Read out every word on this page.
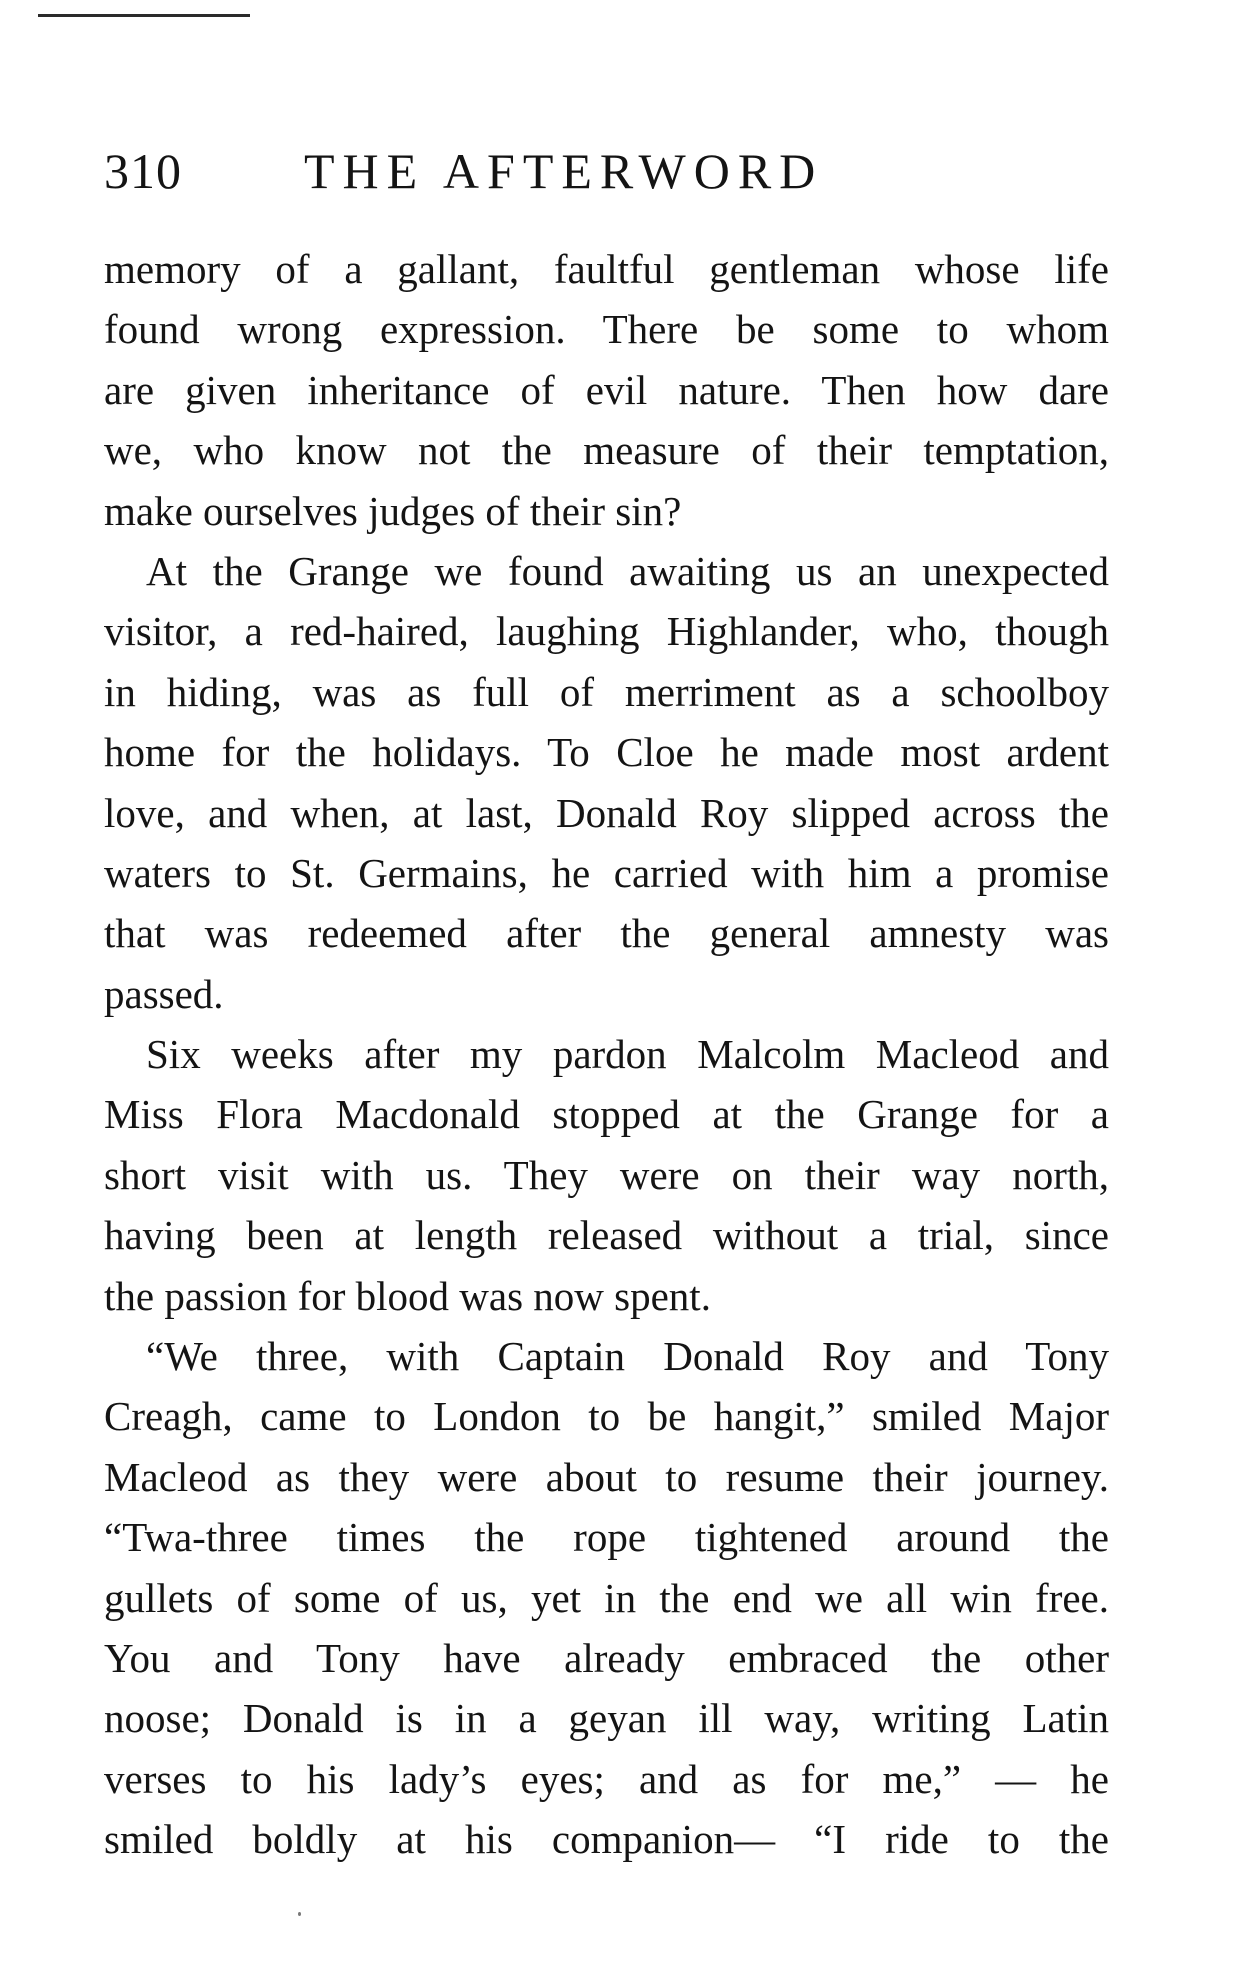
310	THE AFTERWORD
memory of a gallant, faultful gentleman whose life
found wrong expression. There be some to whom
are given inheritance of evil nature. Then how dare
we, who know not the measure of their temptation,
make ourselves judges of their sin?
At the Grange we found awaiting us an unexpected
visitor, a red-haired, laughing Highlander, who, though
in hiding, was as full of merriment as a schoolboy
home for the holidays. To Cloe he made most ardent
love, and when, at last, Donald Roy slipped across the
waters to St. Germains, he carried with him a promise
that was redeemed after the general amnesty was
passed.
Six weeks after my pardon Malcolm Macleod and
Miss Flora Macdonald stopped at the Grange for a
short visit with us. They were on their way north,
having been at length released without a trial, since
the passion for blood was now spent.
“We three, with Captain Donald Roy and Tony
Creagh, came to London to be hangit,” smiled Major
Macleod as they were about to resume their journey.
“Twa-three times the rope tightened around the
gullets of some of us, yet in the end we all win free.
You and Tony have already embraced the other
noose; Donald is in a geyan ill way, writing Latin
verses to his lady’s eyes; and as for me,” — he
smiled boldly at his companion— “I ride to the
